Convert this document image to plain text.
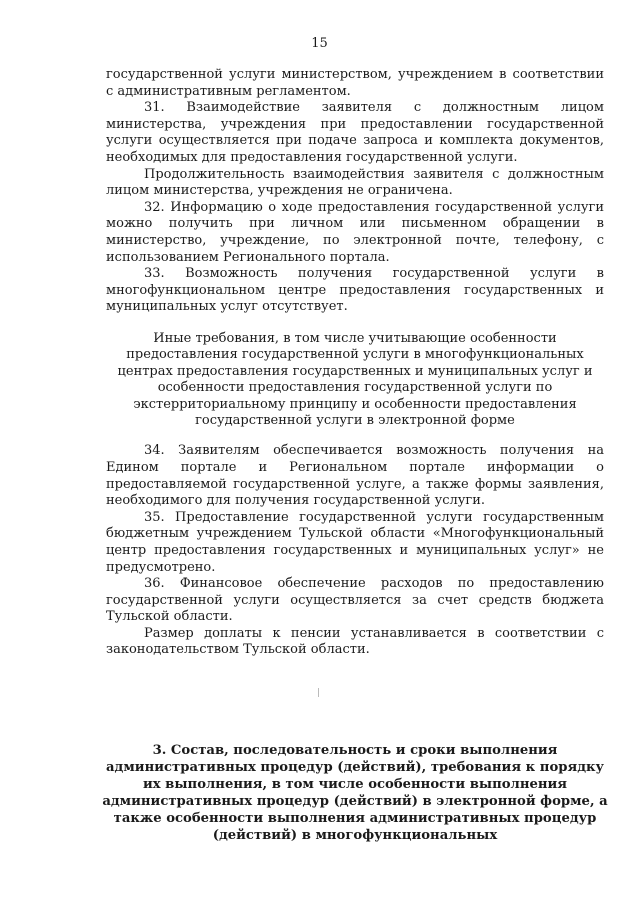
15

государственной услуги министерством, учреждением в соответствии с административным регламентом.

31. Взаимодействие заявителя с должностным лицом министерства, учреждения при предоставлении государственной услуги осуществляется при подаче запроса и комплекта документов, необходимых для предоставления государственной услуги.

Продолжительность взаимодействия заявителя с должностным лицом министерства, учреждения не ограничена.

32. Информацию о ходе предоставления государственной услуги можно получить при личном или письменном обращении в министерство, учреждение, по электронной почте, телефону, с использованием Регионального портала.

33. Возможность получения государственной услуги в многофункциональном центре предоставления государственных и муниципальных услуг отсутствует.

Иные требования, в том числе учитывающие особенности предоставления государственной услуги в многофункциональных центрах предоставления государственных и муниципальных услуг и особенности предоставления государственной услуги по экстерриториальному принципу и особенности предоставления государственной услуги в электронной форме

34. Заявителям обеспечивается возможность получения на Едином портале и Региональном портале информации о предоставляемой государственной услуге, а также формы заявления, необходимого для получения государственной услуги.

35. Предоставление государственной услуги государственным бюджетным учреждением Тульской области «Многофункциональный центр предоставления государственных и муниципальных услуг» не предусмотрено.

36. Финансовое обеспечение расходов по предоставлению государственной услуги осуществляется за счет средств бюджета Тульской области.

Размер доплаты к пенсии устанавливается в соответствии с законодательством Тульской области.

3. Состав, последовательность и сроки выполнения административных процедур (действий), требования к порядку их выполнения, в том числе особенности выполнения административных процедур (действий) в электронной форме, а также особенности выполнения административных процедур (действий) в многофункциональных
